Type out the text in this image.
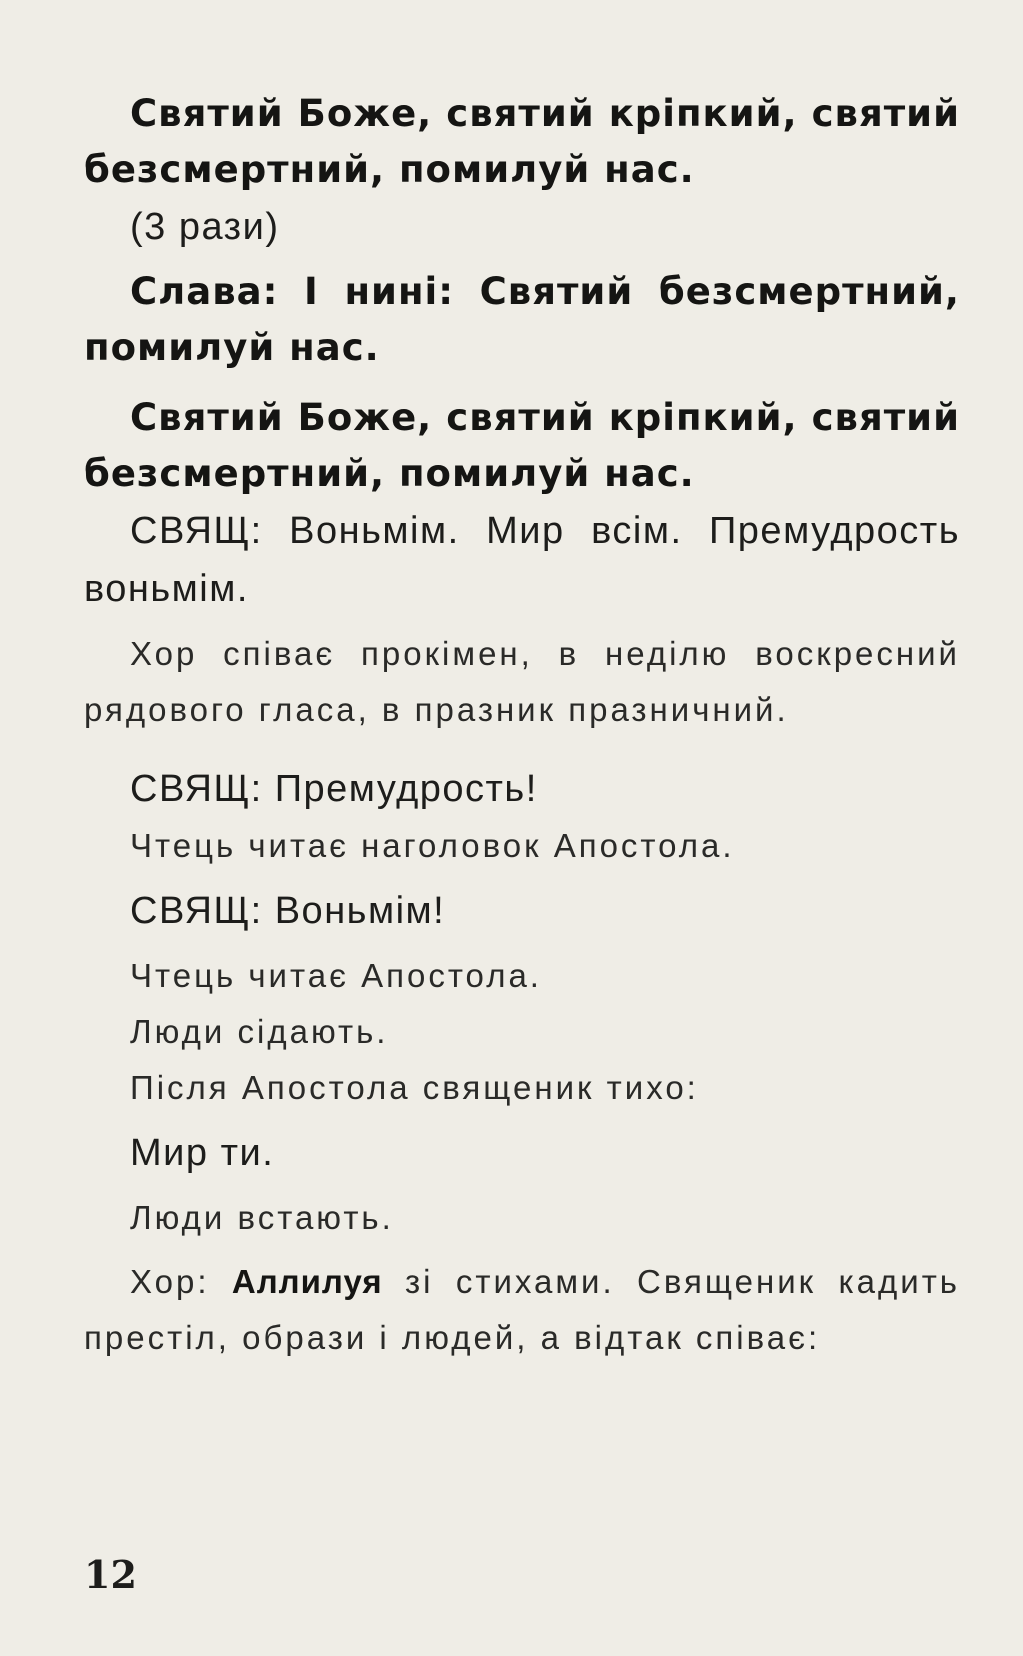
Святий Боже, святий кріпкий, святий безсмертний, помилуй нас.

(3 рази)

Слава: І нині: Святий безсмертний, помилуй нас.

Святий Боже, святий кріпкий, святий безсмертний, помилуй нас.

СВЯЩ: Воньмім. Мир всім. Премудрость воньмім.

Хор співає прокімен, в неділю воскресний рядового гласа, в празник празничний.

СВЯЩ: Премудрость!

Чтець читає наголовок Апостола.

СВЯЩ: Воньмім!

Чтець читає Апостола.

Люди сідають.

Після Апостола священик тихо:

Мир ти.

Люди встають.

Хор: Аллилуя зі стихами. Священик кадить престіл, образи і людей, а відтак співає:

12
